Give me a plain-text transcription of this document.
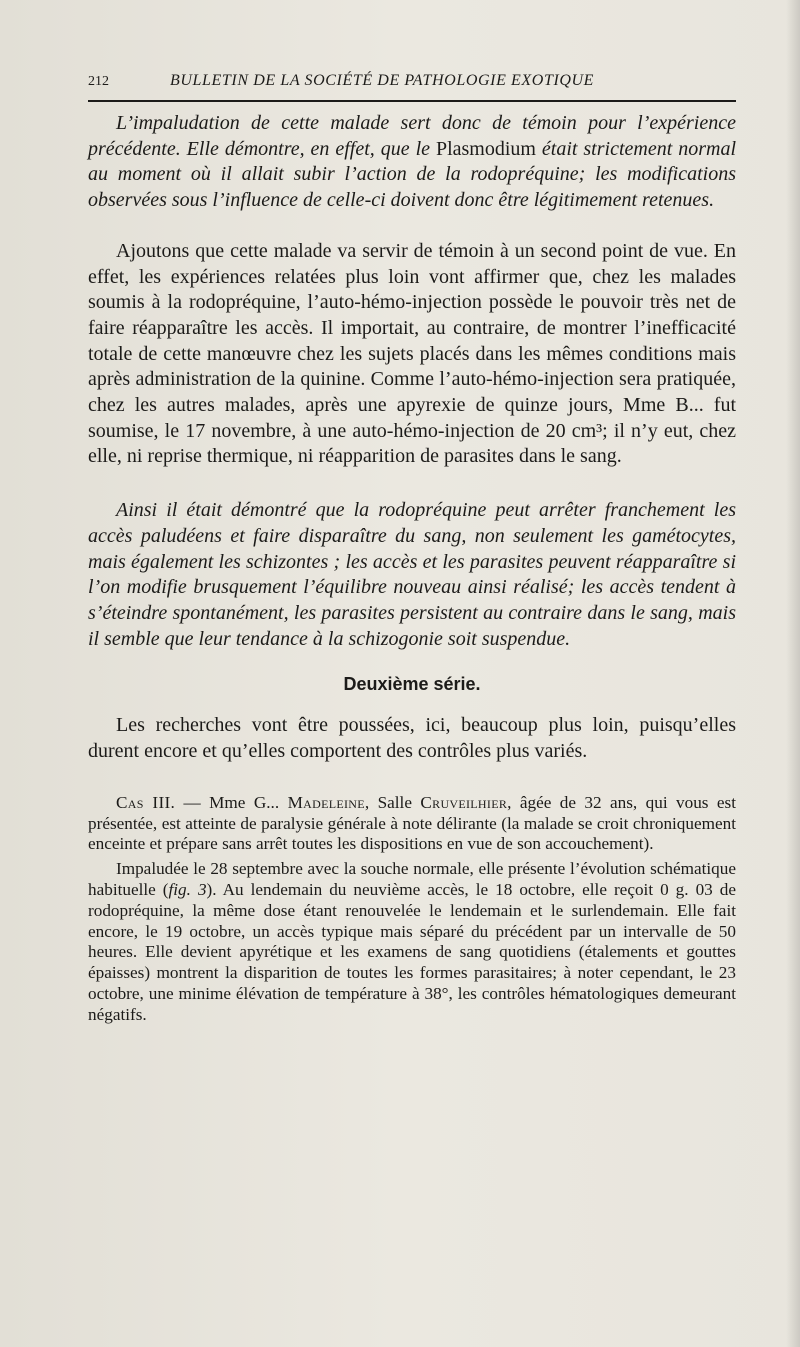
212	BULLETIN DE LA SOCIÉTÉ DE PATHOLOGIE EXOTIQUE

L’impaludation de cette malade sert donc de témoin pour l’expérience précédente. Elle démontre, en effet, que le Plasmodium était strictement normal au moment où il allait subir l’action de la rodopréquine; les modifications observées sous l’influence de celle-ci doivent donc être légitimement retenues.

Ajoutons que cette malade va servir de témoin à un second point de vue. En effet, les expériences relatées plus loin vont affirmer que, chez les malades soumis à la rodopréquine, l’auto-hémo-injection possède le pouvoir très net de faire réapparaître les accès. Il importait, au contraire, de montrer l’inefficacité totale de cette manœuvre chez les sujets placés dans les mêmes conditions mais après administration de la quinine. Comme l’auto-hémo-injection sera pratiquée, chez les autres malades, après une apyrexie de quinze jours, Mme B... fut soumise, le 17 novembre, à une auto-hémo-injection de 20 cm³; il n’y eut, chez elle, ni reprise thermique, ni réapparition de parasites dans le sang.

Ainsi il était démontré que la rodopréquine peut arrêter franchement les accès paludéens et faire disparaître du sang, non seulement les gamétocytes, mais également les schizontes ; les accès et les parasites peuvent réapparaître si l’on modifie brusquement l’équilibre nouveau ainsi réalisé; les accès tendent à s’éteindre spontanément, les parasites persistent au contraire dans le sang, mais il semble que leur tendance à la schizogonie soit suspendue.

Deuxième série.

Les recherches vont être poussées, ici, beaucoup plus loin, puisqu’elles durent encore et qu’elles comportent des contrôles plus variés.

Cas III. — Mme G... Madeleine, Salle Cruveilhier, âgée de 32 ans, qui vous est présentée, est atteinte de paralysie générale à note délirante (la malade se croit chroniquement enceinte et prépare sans arrêt toutes les dispositions en vue de son accouchement).

Impaludée le 28 septembre avec la souche normale, elle présente l’évolution schématique habituelle (fig. 3). Au lendemain du neuvième accès, le 18 octobre, elle reçoit 0 g. 03 de rodopréquine, la même dose étant renouvelée le lendemain et le surlendemain. Elle fait encore, le 19 octobre, un accès typique mais séparé du précédent par un intervalle de 50 heures. Elle devient apyrétique et les examens de sang quotidiens (étalements et gouttes épaisses) montrent la disparition de toutes les formes parasitaires; à noter cependant, le 23 octobre, une minime élévation de température à 38°, les contrôles hématologiques demeurant négatifs.
